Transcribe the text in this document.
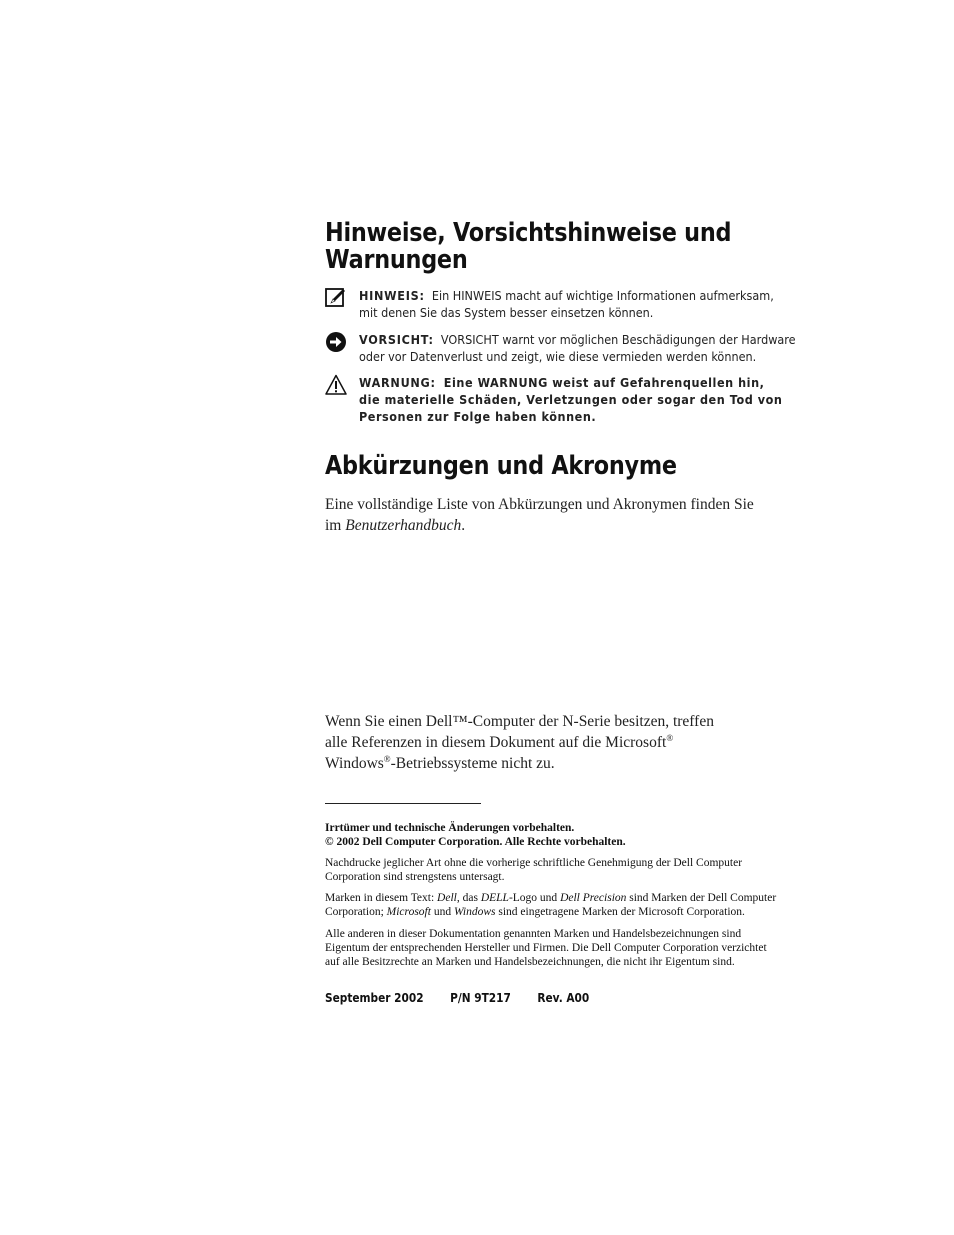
Hinweise, Vorsichtshinweise und
Warnungen
HINWEIS: Ein HINWEIS macht auf wichtige Informationen aufmerksam,
mit denen Sie das System besser einsetzen können.
VORSICHT: VORSICHT warnt vor möglichen Beschädigungen der Hardware
oder vor Datenverlust und zeigt, wie diese vermieden werden können.
WARNUNG: Eine WARNUNG weist auf Gefahrenquellen hin,
die materielle Schäden, Verletzungen oder sogar den Tod von
Personen zur Folge haben können.
Abkürzungen und Akronyme
Eine vollständige Liste von Abkürzungen und Akronymen finden Sie
im Benutzerhandbuch.
Wenn Sie einen Dell™-Computer der N-Serie besitzen, treffen
alle Referenzen in diesem Dokument auf die Microsoft®
Windows®-Betriebssysteme nicht zu.
Irrtümer und technische Änderungen vorbehalten.
© 2002 Dell Computer Corporation. Alle Rechte vorbehalten.
Nachdrucke jeglicher Art ohne die vorherige schriftliche Genehmigung der Dell Computer
Corporation sind strengstens untersagt.
Marken in diesem Text: Dell, das DELL-Logo und Dell Precision sind Marken der Dell Computer
Corporation; Microsoft und Windows sind eingetragene Marken der Microsoft Corporation.
Alle anderen in dieser Dokumentation genannten Marken und Handelsbezeichnungen sind
Eigentum der entsprechenden Hersteller und Firmen. Die Dell Computer Corporation verzichtet
auf alle Besitzrechte an Marken und Handelsbezeichnungen, die nicht ihr Eigentum sind.
September 2002 P/N 9T217 Rev. A00
